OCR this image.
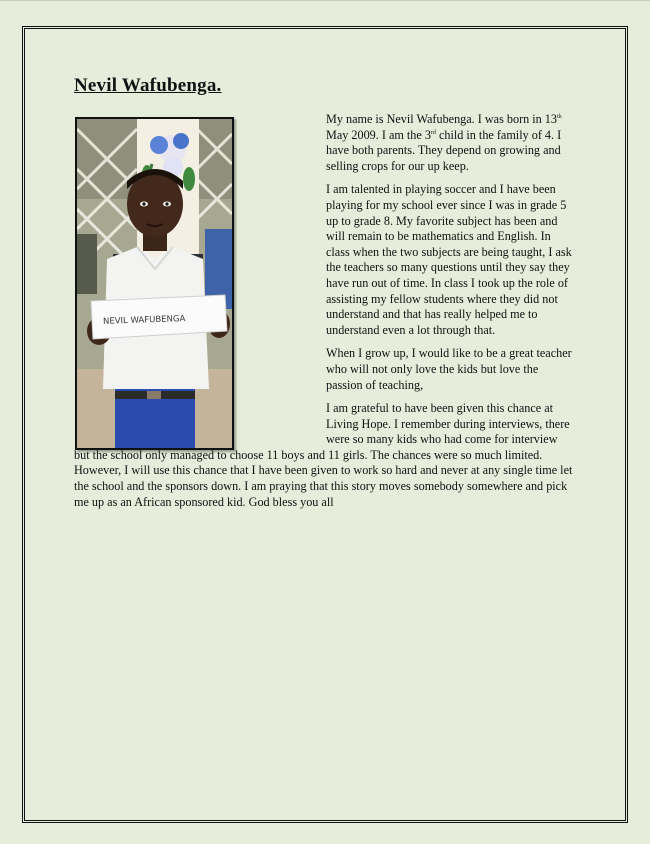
Nevil Wafubenga.
NEVIL WAFUBENGA

My name is Nevil Wafubenga. I was born in 13th May 2009. I am the 3rd child in the family of 4. I have both parents. They depend on growing and selling crops for our up keep.

I am talented in playing soccer and I have been playing for my school ever since I was in grade 5 up to grade 8. My favorite subject has been and will remain to be mathematics and English. In class when the two subjects are being taught, I ask the teachers so many questions until they say they have run out of time. In class I took up the role of assisting my fellow students where they did not understand and that has really helped me to understand even a lot through that.

When I grow up, I would like to be a great teacher who will not only love the kids but love the passion of teaching,

I am grateful to have been given this chance at Living Hope. I remember during interviews, there were so many kids who had come for interview but the school only managed to choose 11 boys and 11 girls. The chances were so much limited. However, I will use this chance that I have been given to work so hard and never at any single time let the school and the sponsors down. I am praying that this story moves somebody somewhere and pick me up as an African sponsored kid. God bless you all
